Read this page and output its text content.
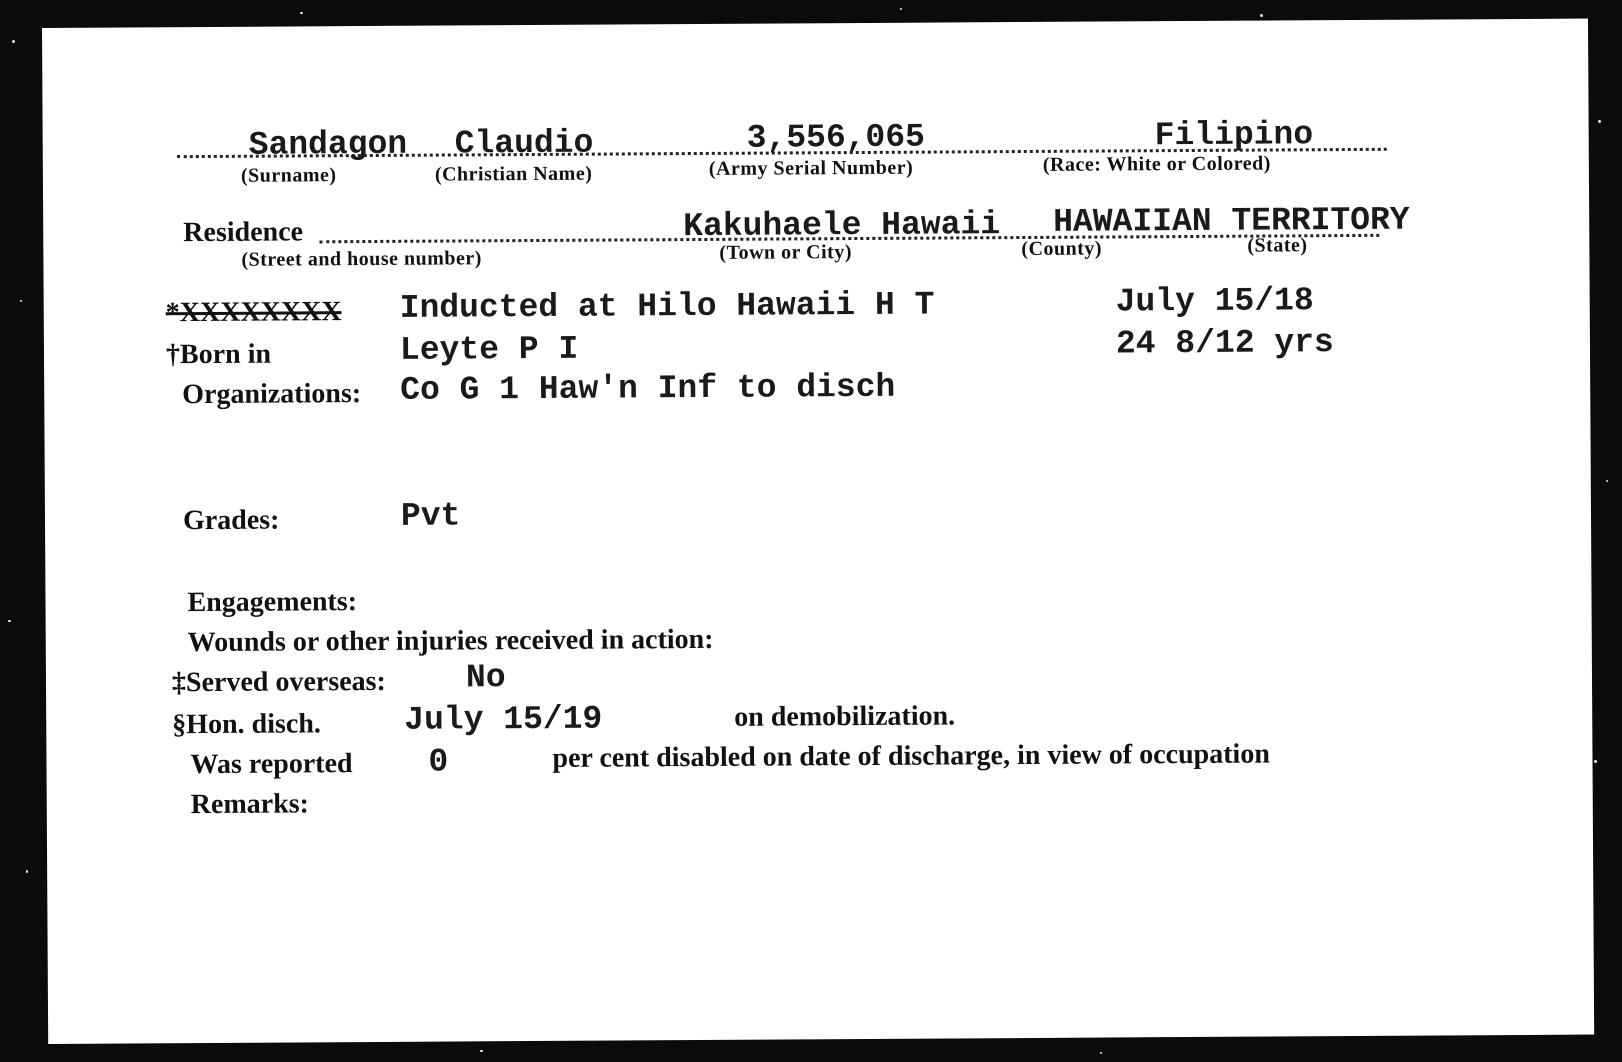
Sandagon
(Surname)
Claudio
(Christian Name)
3,556,065
(Army Serial Number)
Filipino
(Race: White or Colored)
Residence
(Street and house number)
Kakuhaele Hawaii
(Town or City)	(County)
HAWAIIAN TERRITORY
(State)
*XXXXXXXX Inducted at Hilo Hawaii H T	July 15/18
†Born in	Leyte P I	24 8/12 yrs
Organizations: Co G 1 Haw'n Inf to disch
Grades:	Pvt
Engagements:
Wounds or other injuries received in action:
‡Served overseas: No
§Hon. disch.	July 15/19	on demobilization.
Was reported 0	per cent disabled on date of discharge, in view of occupation
Remarks:
